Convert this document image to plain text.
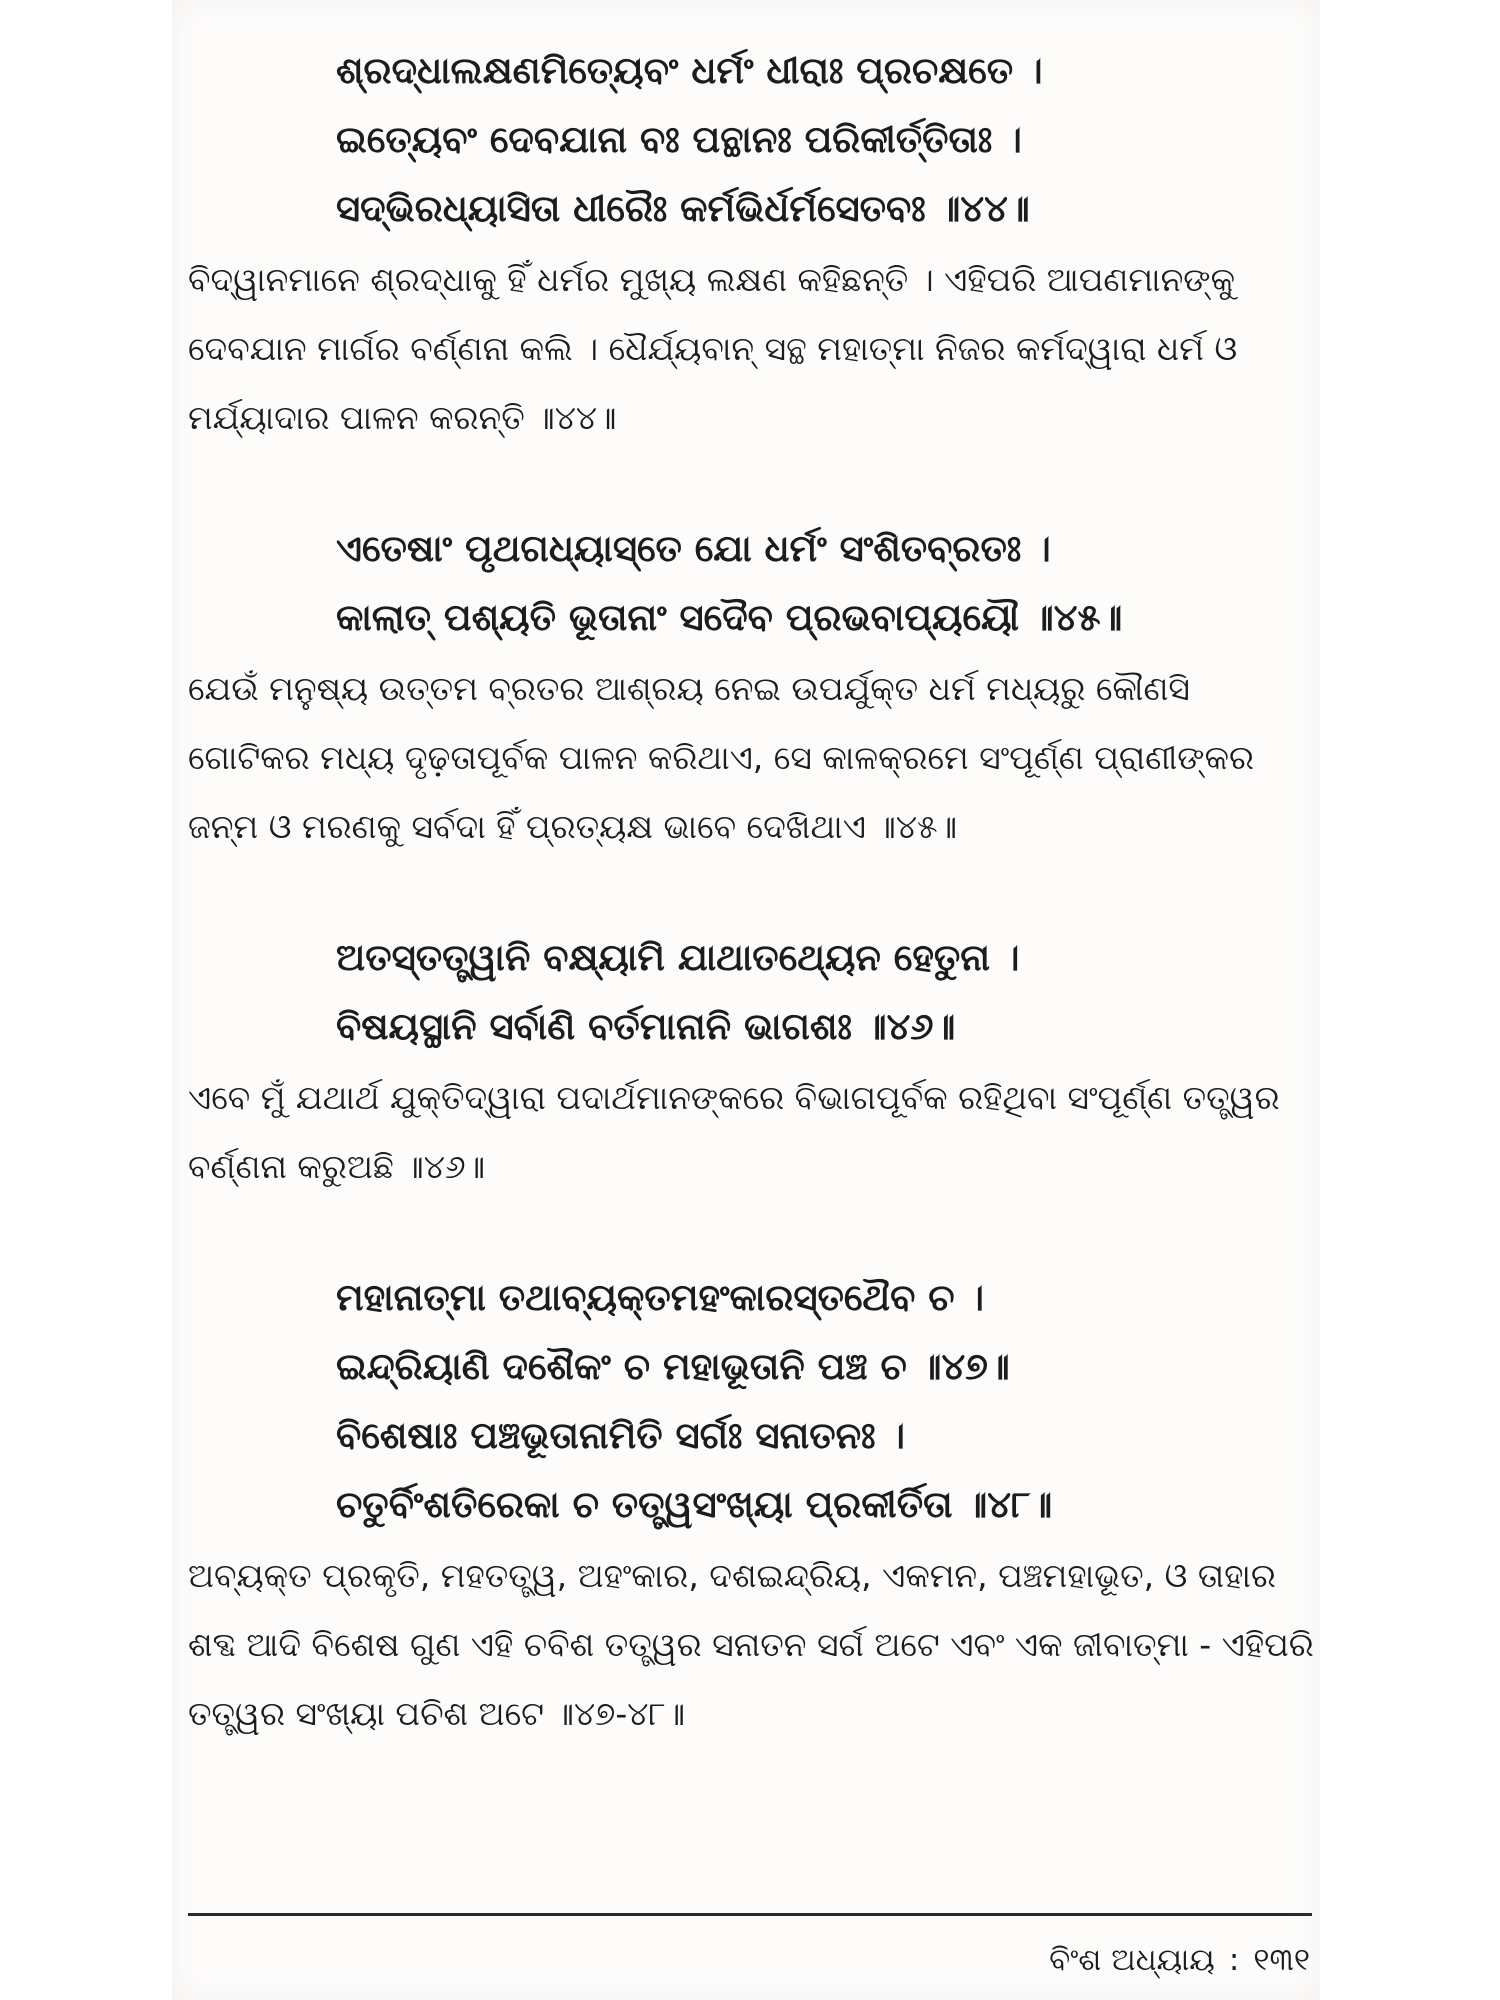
ଶ୍ରଦ୍ଧାଲକ୍ଷଣମିତ୍ୟେବଂ ଧର୍ମଂ ଧୀରାଃ ପ୍ରଚକ୍ଷତେ ।
ଇତ୍ୟେବଂ ଦେବଯାନା ବଃ ପନ୍ଥାନଃ ପରିକୀର୍ତ୍ତିତାଃ ।
ସଦ୍‌ଭିରଧ୍ୟାସିତା ଧୀରୈଃ କର୍ମଭିର୍ଧର୍ମସେତବଃ ॥୪୪॥
ବିଦ୍ୱାନମାନେ ଶ୍ରଦ୍ଧାକୁ ହିଁ ଧର୍ମର ମୁଖ୍ୟ ଲକ୍ଷଣ କହିଛନ୍ତି । ଏହିପରି ଆପଣମାନଙ୍କୁ ଦେବଯାନ ମାର୍ଗର ବର୍ଣ୍ଣନା କଲି । ଧୈର୍ଯ୍ୟବାନ୍ ସନ୍ଥ ମହାତ୍ମା ନିଜର କର୍ମଦ୍ୱାରା ଧର୍ମ ଓ ମର୍ଯ୍ୟାଦାର ପାଳନ କରନ୍ତି ॥୪୪॥
ଏତେଷାଂ ପୃଥଗଧ୍ୟାସ୍ତେ ଯୋ ଧର୍ମଂ ସଂଶିତବ୍ରତଃ ।
କାଲାତ୍ ପଶ୍ୟତି ଭୂତାନାଂ ସଦୈବ ପ୍ରଭବାପ୍ୟୟୌ ॥୪୫॥
ଯେଉଁ ମନୁଷ୍ୟ ଉତ୍ତମ ବ୍ରତର ଆଶ୍ରୟ ନେଇ ଉପର୍ଯୁକ୍ତ ଧର୍ମ ମଧ୍ୟରୁ କୌଣସି ଗୋଟିକର ମଧ୍ୟ ଦୃଢ଼ତାପୂର୍ବକ ପାଳନ କରିଥାଏ, ସେ କାଳକ୍ରମେ ସଂପୂର୍ଣ୍ଣ ପ୍ରାଣୀଙ୍କର ଜନ୍ମ ଓ ମରଣକୁ ସର୍ବଦା ହିଁ ପ୍ରତ୍ୟକ୍ଷ ଭାବେ ଦେଖିଥାଏ ॥୪୫॥
ଅତସ୍ତତ୍ତ୍ୱାନି ବକ୍ଷ୍ୟାମି ଯାଥାତଥ୍ୟେନ ହେତୁନା ।
ବିଷୟସ୍ଥାନି ସର୍ବାଣି ବର୍ତମାନାନି ଭାଗଶଃ ॥୪୬॥
ଏବେ ମୁଁ ଯଥାର୍ଥ ଯୁକ୍ତିଦ୍ୱାରା ପଦାର୍ଥମାନଙ୍କରେ ବିଭାଗପୂର୍ବକ ରହିଥିବା ସଂପୂର୍ଣ୍ଣ ତତ୍ତ୍ୱର ବର୍ଣ୍ଣନା କରୁଅଛି ॥୪୬॥
ମହାନାତ୍ମା ତଥାବ୍ୟକ୍ତମହଂକାରସ୍ତଥୈବ ଚ ।
ଇନ୍ଦ୍ରିୟାଣି ଦଶୈକଂ ଚ ମହାଭୂତାନି ପଞ୍ଚ ଚ ॥୪୭॥
ବିଶେଷାଃ ପଞ୍ଚଭୂତାନାମିତି ସର୍ଗଃ ସନାତନଃ ।
ଚତୁର୍ବିଂଶତିରେକା ଚ ତତ୍ତ୍ୱସଂଖ୍ୟା ପ୍ରକୀର୍ତିତା ॥୪୮॥
ଅବ୍ୟକ୍ତ ପ୍ରକୃତି, ମହତତ୍ତ୍ୱ, ଅହଂକାର, ଦଶଇନ୍ଦ୍ରିୟ, ଏକମନ, ପଞ୍ଚମହାଭୂତ, ଓ ତାହାର ଶବ୍ଦ ଆଦି ବିଶେଷ ଗୁଣ ଏହି ଚବିଶ ତତ୍ତ୍ୱର ସନାତନ ସର୍ଗ ଅଟେ ଏବଂ ଏକ ଜୀବାତ୍ମା - ଏହିପରି ତତ୍ତ୍ୱର ସଂଖ୍ୟା ପଚିଶ ଅଟେ ॥୪୭-୪୮॥
ବିଂଶ ଅଧ୍ୟାୟ : ୧୩୧
